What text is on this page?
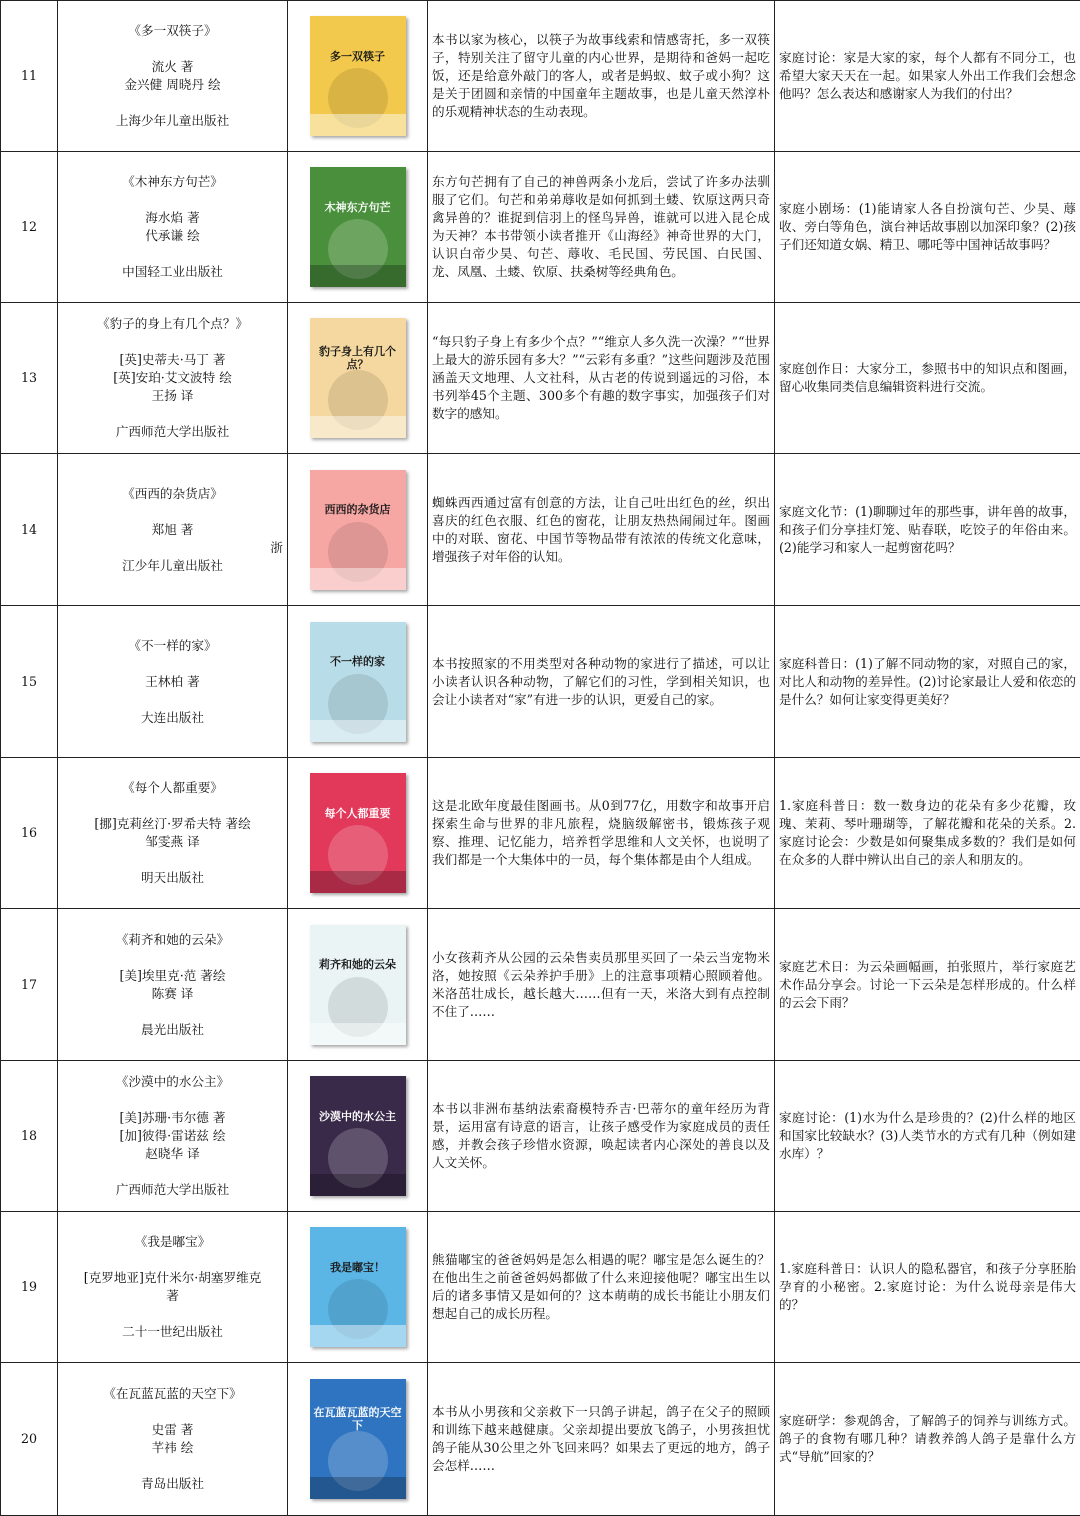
11	《多一双筷子》
流火 著
金兴健 周晓丹 绘
上海少年儿童出版社	多一双筷子	本书以家为核心，以筷子为故事线索和情感寄托，多一双筷子，特别关注了留守儿童的内心世界，是期待和爸妈一起吃饭，还是给意外敲门的客人，或者是蚂蚁、蚊子或小狗？这是关于团圆和亲情的中国童年主题故事，也是儿童天然淳朴的乐观精神状态的生动表现。	家庭讨论：家是大家的家，每个人都有不同分工，也希望大家天天在一起。如果家人外出工作我们会想念他吗？怎么表达和感谢家人为我们的付出？
12	《木神东方句芒》
海水焰 著
代承谦 绘
中国轻工业出版社	木神东方句芒	东方句芒拥有了自己的神兽两条小龙后，尝试了许多办法驯服了它们。句芒和弟弟蓐收是如何抓到土蝼、钦原这两只奇禽异兽的？谁捉到信羽上的怪鸟异兽，谁就可以进入昆仑成为天神？本书带领小读者推开《山海经》神奇世界的大门，认识白帝少昊、句芒、蓐收、毛民国、劳民国、白民国、龙、凤凰、土蝼、钦原、扶桑树等经典角色。	家庭小剧场：(1)能请家人各自扮演句芒、少昊、蓐收、旁白等角色，演台神话故事剧以加深印象？(2)孩子们还知道女娲、精卫、哪吒等中国神话故事吗？
13	《豹子的身上有几个点？》
[英]史蒂夫·马丁 著
[英]安珀·艾文波特 绘
王扬 译
广西师范大学出版社	豹子身上有几个点？	“每只豹子身上有多少个点？”“维京人多久洗一次澡？”“世界上最大的游乐园有多大？”“云彩有多重？”这些问题涉及范围涵盖天文地理、人文社科，从古老的传说到遥远的习俗，本书列举45个主题、300多个有趣的数字事实，加强孩子们对数字的感知。	家庭创作日：大家分工，参照书中的知识点和图画，留心收集同类信息编辑资料进行交流。
14	《西西的杂货店》
郑旭 著
浙
江少年儿童出版社	西西的杂货店	蜘蛛西西通过富有创意的方法，让自己吐出红色的丝，织出喜庆的红色衣服、红色的窗花，让朋友热热闹闹过年。图画中的对联、窗花、中国节等物品带有浓浓的传统文化意味，增强孩子对年俗的认知。	家庭文化节：(1)聊聊过年的那些事，讲年兽的故事，和孩子们分享挂灯笼、贴春联，吃饺子的年俗由来。(2)能学习和家人一起剪窗花吗？
15	《不一样的家》
王林柏 著
大连出版社	不一样的家	本书按照家的不用类型对各种动物的家进行了描述，可以让小读者认识各种动物，了解它们的习性，学到相关知识，也会让小读者对“家”有进一步的认识，更爱自己的家。	家庭科普日：(1)了解不同动物的家，对照自己的家，对比人和动物的差异性。(2)讨论家最让人爱和依恋的是什么？如何让家变得更美好？
16	《每个人都重要》
[挪]克莉丝汀·罗希夫特 著绘
邹雯燕 译
明天出版社	每个人都重要	这是北欧年度最佳图画书。从0到77亿，用数字和故事开启探索生命与世界的非凡旅程，烧脑级解密书，锻炼孩子观察、推理、记忆能力，培养哲学思维和人文关怀，也说明了我们都是一个大集体中的一员，每个集体都是由个人组成。	1.家庭科普日：数一数身边的花朵有多少花瓣，玫瑰、茉莉、琴叶珊瑚等，了解花瓣和花朵的关系。2.家庭讨论会：少数是如何聚集成多数的？我们是如何在众多的人群中辨认出自己的亲人和朋友的。
17	《莉齐和她的云朵》
[美]埃里克·范 著绘
陈赛 译
晨光出版社	莉齐和她的云朵	小女孩莉齐从公园的云朵售卖员那里买回了一朵云当宠物米洛，她按照《云朵养护手册》上的注意事项精心照顾着他。米洛茁壮成长，越长越大……但有一天，米洛大到有点控制不住了……	家庭艺术日：为云朵画幅画，拍张照片，举行家庭艺术作品分享会。讨论一下云朵是怎样形成的。什么样的云会下雨？
18	《沙漠中的水公主》
[美]苏珊·韦尔德 著
[加]彼得·雷诺兹 绘
赵晓华 译
广西师范大学出版社	沙漠中的水公主	本书以非洲布基纳法索裔模特乔吉·巴蒂尔的童年经历为背景，运用富有诗意的语言，让孩子感受作为家庭成员的责任感，并教会孩子珍惜水资源，唤起读者内心深处的善良以及人文关怀。	家庭讨论：(1)水为什么是珍贵的？(2)什么样的地区和国家比较缺水？(3)人类节水的方式有几种（例如建水库）？
19	《我是嘟宝》
[克罗地亚]克什米尔·胡塞罗维克
著
二十一世纪出版社	我是嘟宝！	熊猫嘟宝的爸爸妈妈是怎么相遇的呢？嘟宝是怎么诞生的？在他出生之前爸爸妈妈都做了什么来迎接他呢？嘟宝出生以后的诸多事情又是如何的？这本萌萌的成长书能让小朋友们想起自己的成长历程。	1.家庭科普日：认识人的隐私器官，和孩子分享胚胎孕育的小秘密。2.家庭讨论：为什么说母亲是伟大的？
20	《在瓦蓝瓦蓝的天空下》
史雷 著
芊祎 绘
青岛出版社	在瓦蓝瓦蓝的天空下	本书从小男孩和父亲救下一只鸽子讲起，鸽子在父子的照顾和训练下越来越健康。父亲却提出要放飞鸽子，小男孩担忧鸽子能从30公里之外飞回来吗？如果去了更远的地方，鸽子会怎样……	家庭研学：参观鸽舍，了解鸽子的饲养与训练方式。鸽子的食物有哪几种？请教养鸽人鸽子是靠什么方式“导航”回家的？
